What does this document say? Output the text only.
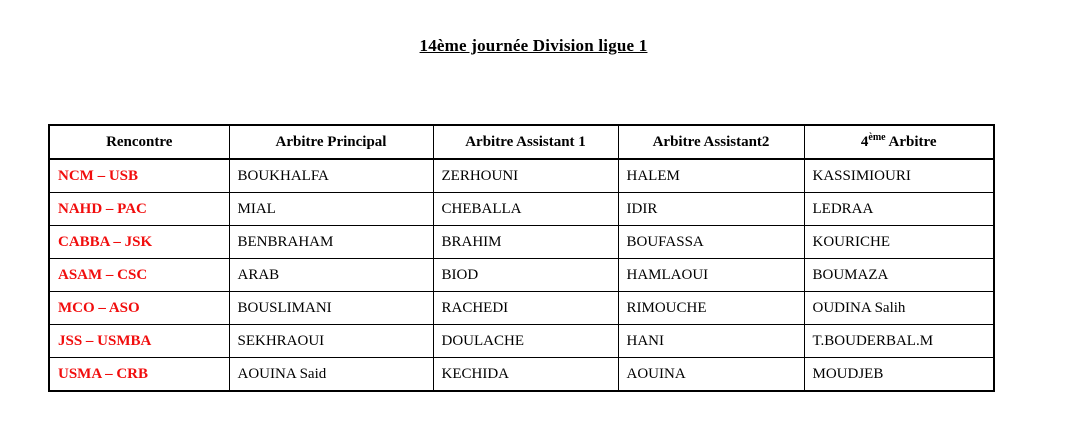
14ème journée Division ligue 1
Rencontre	Arbitre Principal	Arbitre Assistant 1	Arbitre Assistant2	4ème Arbitre
NCM – USB	BOUKHALFA	ZERHOUNI	HALEM	KASSIMIOURI
NAHD – PAC	MIAL	CHEBALLA	IDIR	LEDRAA
CABBA – JSK	BENBRAHAM	BRAHIM	BOUFASSA	KOURICHE
ASAM – CSC	ARAB	BIOD	HAMLAOUI	BOUMAZA
MCO – ASO	BOUSLIMANI	RACHEDI	RIMOUCHE	OUDINA Salih
JSS – USMBA	SEKHRAOUI	DOULACHE	HANI	T.BOUDERBAL.M
USMA – CRB	AOUINA Said	KECHIDA	AOUINA	MOUDJEB
